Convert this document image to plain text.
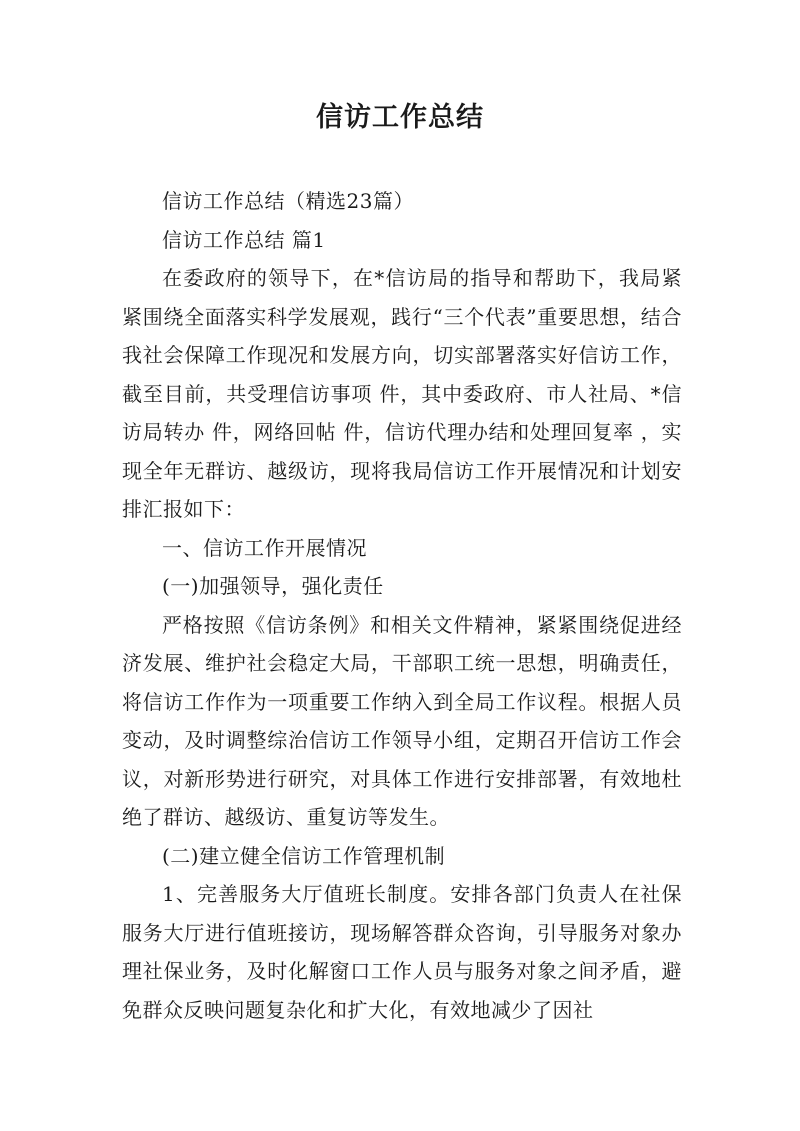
信访工作总结

信访工作总结（精选23篇）

信访工作总结 篇1

在委政府的领导下，在*信访局的指导和帮助下，我局紧紧围绕全面落实科学发展观，践行“三个代表”重要思想，结合我社会保障工作现况和发展方向，切实部署落实好信访工作，截至目前，共受理信访事项 件，其中委政府、市人社局、*信访局转办 件，网络回帖 件，信访代理办结和处理回复率 ，实现全年无群访、越级访，现将我局信访工作开展情况和计划安排汇报如下：

一、信访工作开展情况

(一)加强领导，强化责任

严格按照《信访条例》和相关文件精神，紧紧围绕促进经济发展、维护社会稳定大局，干部职工统一思想，明确责任，将信访工作作为一项重要工作纳入到全局工作议程。根据人员变动，及时调整综治信访工作领导小组，定期召开信访工作会议，对新形势进行研究，对具体工作进行安排部署，有效地杜绝了群访、越级访、重复访等发生。

(二)建立健全信访工作管理机制

1、完善服务大厅值班长制度。安排各部门负责人在社保服务大厅进行值班接访，现场解答群众咨询，引导服务对象办理社保业务，及时化解窗口工作人员与服务对象之间矛盾，避免群众反映问题复杂化和扩大化，有效地减少了因社
